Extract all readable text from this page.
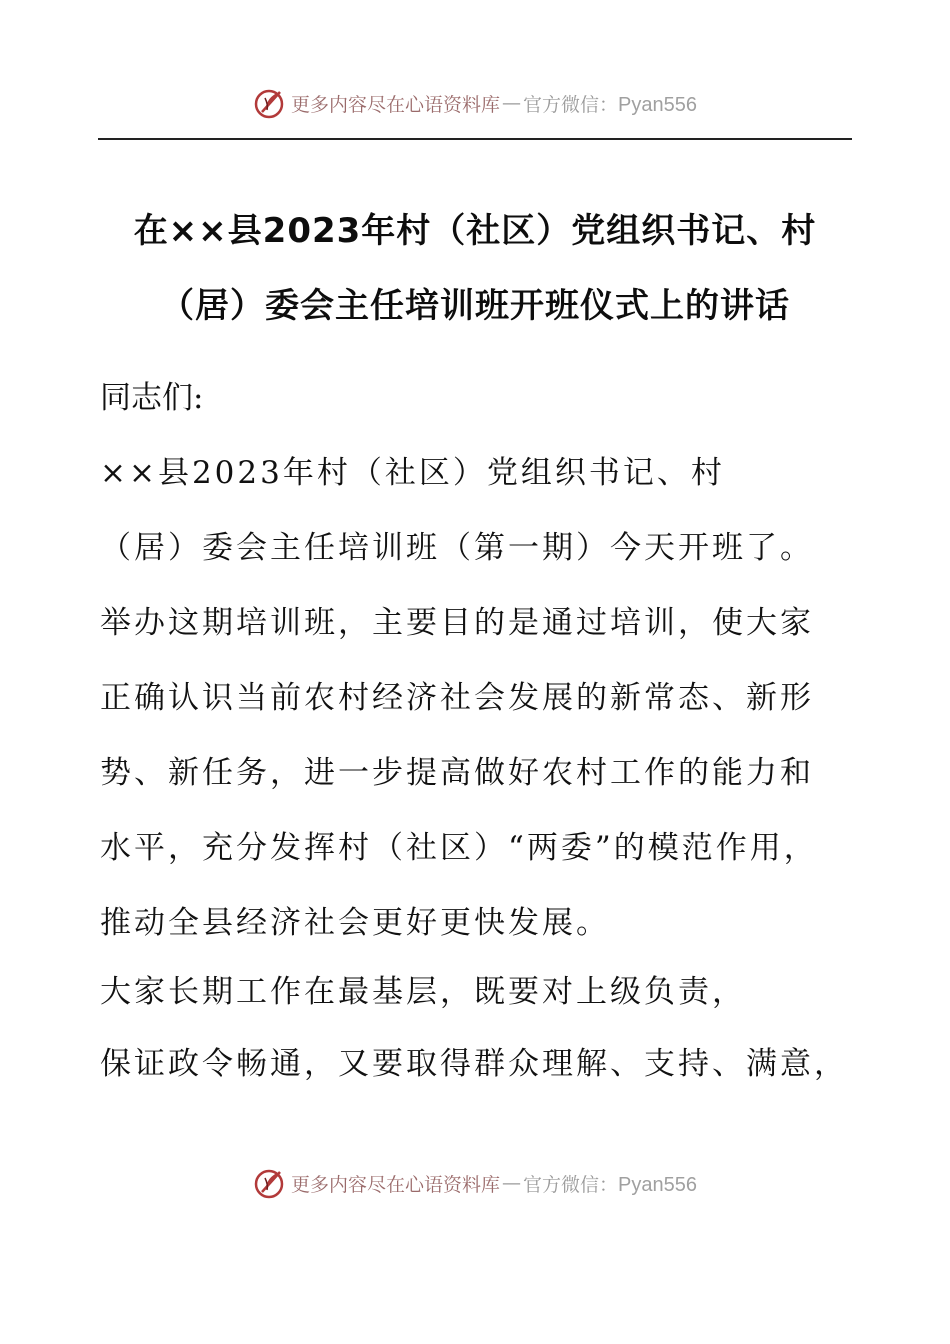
更多内容尽在心语资料库 — 官方微信：Pyan556
在××县2023年村（社区）党组织书记、村
（居）委会主任培训班开班仪式上的讲话
同志们:
××县2023年村（社区）党组织书记、村
（居）委会主任培训班（第一期）今天开班了。
举办这期培训班，主要目的是通过培训，使大家
正确认识当前农村经济社会发展的新常态、新形
势、新任务，进一步提高做好农村工作的能力和
水平，充分发挥村（社区）“两委”的模范作用，
推动全县经济社会更好更快发展。
大家长期工作在最基层，既要对上级负责，
保证政令畅通，又要取得群众理解、支持、满意，
更多内容尽在心语资料库 — 官方微信：Pyan556
